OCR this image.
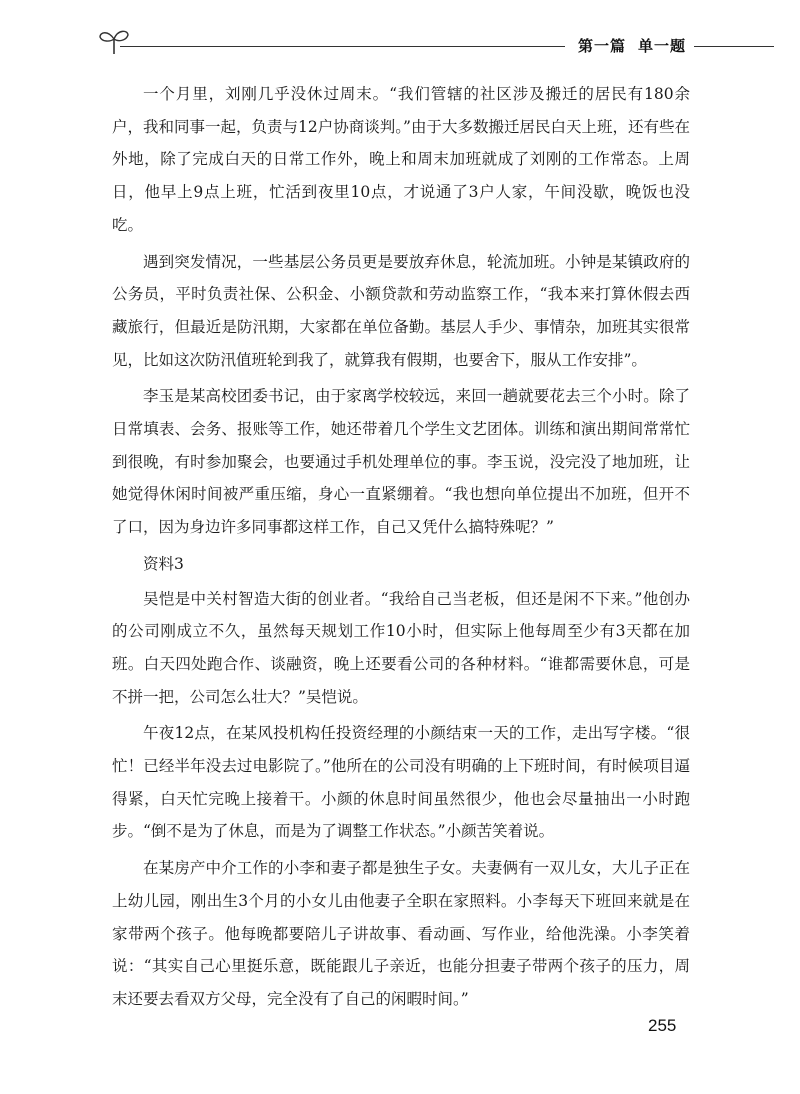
第一篇 单一题

一个月里，刘刚几乎没休过周末。“我们管辖的社区涉及搬迁的居民有180余户，我和同事一起，负责与12户协商谈判。”由于大多数搬迁居民白天上班，还有些在外地，除了完成白天的日常工作外，晚上和周末加班就成了刘刚的工作常态。上周日，他早上9点上班，忙活到夜里10点，才说通了3户人家，午间没歇，晚饭也没吃。

遇到突发情况，一些基层公务员更是要放弃休息，轮流加班。小钟是某镇政府的公务员，平时负责社保、公积金、小额贷款和劳动监察工作，“我本来打算休假去西藏旅行，但最近是防汛期，大家都在单位备勤。基层人手少、事情杂，加班其实很常见，比如这次防汛值班轮到我了，就算我有假期，也要舍下，服从工作安排”。

李玉是某高校团委书记，由于家离学校较远，来回一趟就要花去三个小时。除了日常填表、会务、报账等工作，她还带着几个学生文艺团体。训练和演出期间常常忙到很晚，有时参加聚会，也要通过手机处理单位的事。李玉说，没完没了地加班，让她觉得休闲时间被严重压缩，身心一直紧绷着。“我也想向单位提出不加班，但开不了口，因为身边许多同事都这样工作，自己又凭什么搞特殊呢？”

资料3

吴恺是中关村智造大街的创业者。“我给自己当老板，但还是闲不下来。”他创办的公司刚成立不久，虽然每天规划工作10小时，但实际上他每周至少有3天都在加班。白天四处跑合作、谈融资，晚上还要看公司的各种材料。“谁都需要休息，可是不拼一把，公司怎么壮大？”吴恺说。

午夜12点，在某风投机构任投资经理的小颜结束一天的工作，走出写字楼。“很忙！已经半年没去过电影院了。”他所在的公司没有明确的上下班时间，有时候项目逼得紧，白天忙完晚上接着干。小颜的休息时间虽然很少，他也会尽量抽出一小时跑步。“倒不是为了休息，而是为了调整工作状态。”小颜苦笑着说。

在某房产中介工作的小李和妻子都是独生子女。夫妻俩有一双儿女，大儿子正在上幼儿园，刚出生3个月的小女儿由他妻子全职在家照料。小李每天下班回来就是在家带两个孩子。他每晚都要陪儿子讲故事、看动画、写作业，给他洗澡。小李笑着说：“其实自己心里挺乐意，既能跟儿子亲近，也能分担妻子带两个孩子的压力，周末还要去看双方父母，完全没有了自己的闲暇时间。”

255
